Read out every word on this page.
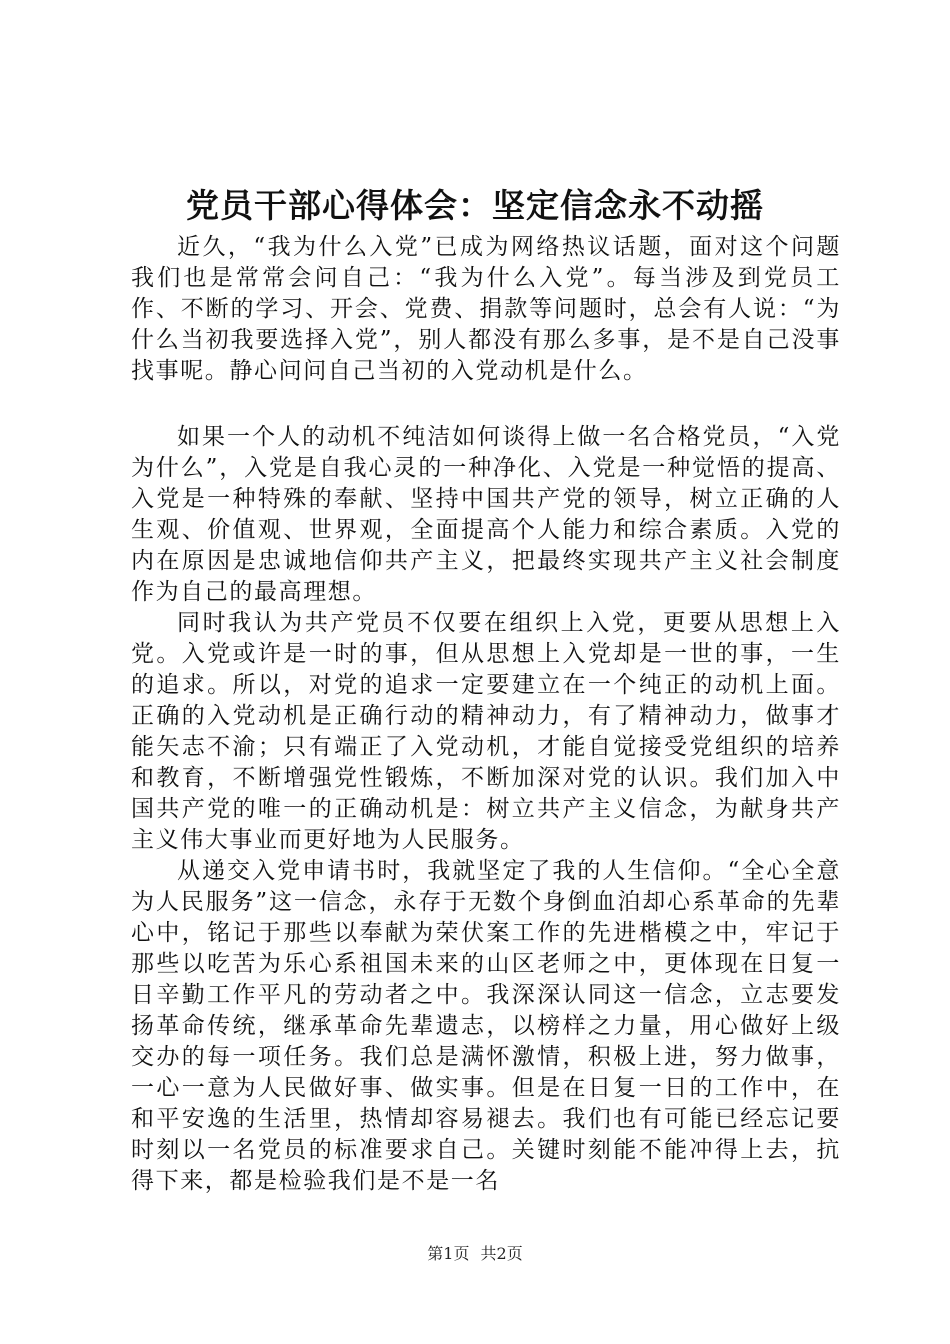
党员干部心得体会：坚定信念永不动摇

近久，“我为什么入党”已成为网络热议话题，面对这个问题我们也是常常会问自己：“我为什么入党”。每当涉及到党员工作、不断的学习、开会、党费、捐款等问题时，总会有人说：“为什么当初我要选择入党”，别人都没有那么多事，是不是自己没事找事呢。静心问问自己当初的入党动机是什么。

如果一个人的动机不纯洁如何谈得上做一名合格党员，“入党为什么”，入党是自我心灵的一种净化、入党是一种觉悟的提高、入党是一种特殊的奉献、坚持中国共产党的领导，树立正确的人生观、价值观、世界观，全面提高个人能力和综合素质。入党的内在原因是忠诚地信仰共产主义，把最终实现共产主义社会制度作为自己的最高理想。

同时我认为共产党员不仅要在组织上入党，更要从思想上入党。入党或许是一时的事，但从思想上入党却是一世的事，一生的追求。所以，对党的追求一定要建立在一个纯正的动机上面。正确的入党动机是正确行动的精神动力，有了精神动力，做事才能矢志不渝；只有端正了入党动机，才能自觉接受党组织的培养和教育，不断增强党性锻炼，不断加深对党的认识。我们加入中国共产党的唯一的正确动机是：树立共产主义信念，为献身共产主义伟大事业而更好地为人民服务。

从递交入党申请书时，我就坚定了我的人生信仰。“全心全意为人民服务”这一信念，永存于无数个身倒血泊却心系革命的先辈心中，铭记于那些以奉献为荣伏案工作的先进楷模之中，牢记于那些以吃苦为乐心系祖国未来的山区老师之中，更体现在日复一日辛勤工作平凡的劳动者之中。我深深认同这一信念，立志要发扬革命传统，继承革命先辈遗志，以榜样之力量，用心做好上级交办的每一项任务。我们总是满怀激情，积极上进，努力做事，一心一意为人民做好事、做实事。但是在日复一日的工作中，在和平安逸的生活里，热情却容易褪去。我们也有可能已经忘记要时刻以一名党员的标准要求自己。关键时刻能不能冲得上去，抗得下来，都是检验我们是不是一名

第1页 共2页
